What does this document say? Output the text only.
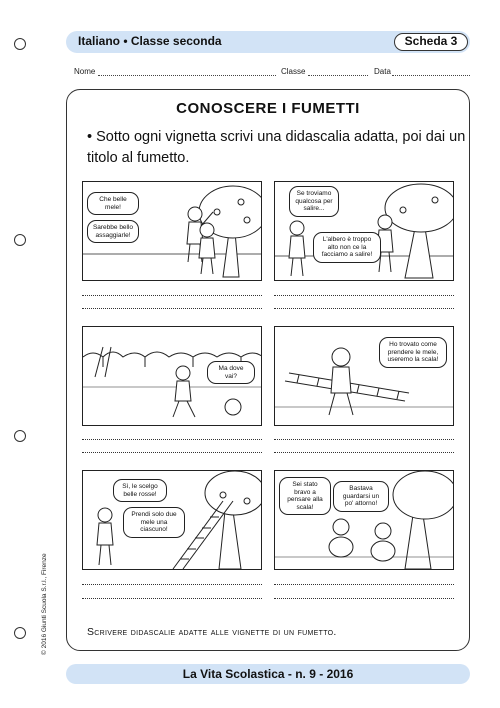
Italiano • Classe seconda	Scheda 3
Nome	Classe	Data
CONOSCERE I FUMETTI
• Sotto ogni vignetta scrivi una didascalia adatta, poi dai un titolo al fumetto.
Che belle mele!
Sarebbe bello assaggiarle!
Se troviamo qualcosa per salire...
L'albero è troppo alto non ce la facciamo a salire!
Ma dove vai?
Ho trovato come prendere le mele, useremo la scala!
Sì, le scelgo belle rosse!
Prendi solo due mele una ciascuno!
Sei stato bravo a pensare alla scala!
Bastava guardarsi un po' attorno!
Scrivere didascalie adatte alle vignette di un fumetto.
La Vita Scolastica - n. 9 - 2016
© 2016 Giunti Scuola S.r.l., Firenze
